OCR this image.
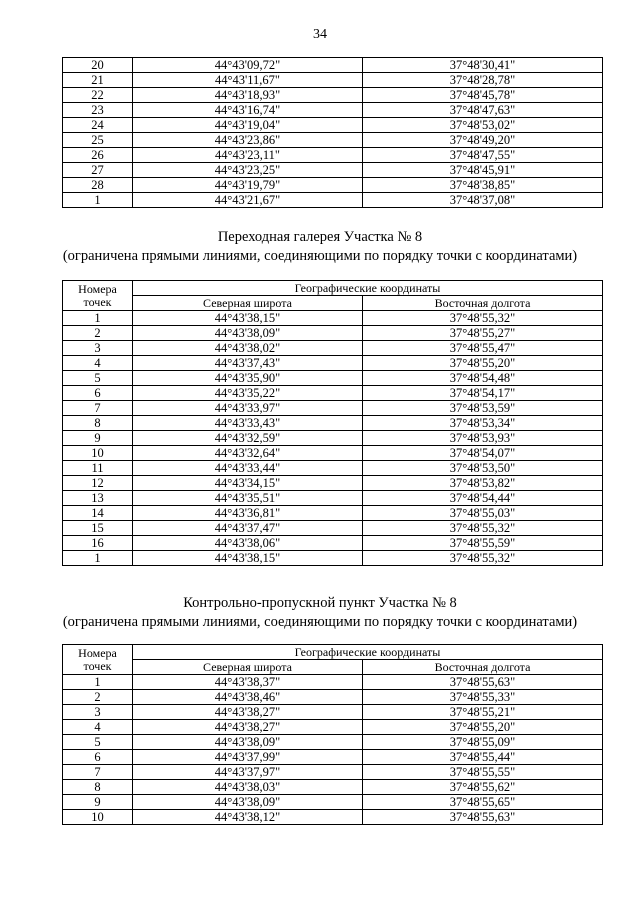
34
20	44°43'09,72"	37°48'30,41"
21	44°43'11,67"	37°48'28,78"
22	44°43'18,93"	37°48'45,78"
23	44°43'16,74"	37°48'47,63"
24	44°43'19,04"	37°48'53,02"
25	44°43'23,86"	37°48'49,20"
26	44°43'23,11"	37°48'47,55"
27	44°43'23,25"	37°48'45,91"
28	44°43'19,79"	37°48'38,85"
1	44°43'21,67"	37°48'37,08"
Переходная галерея Участка № 8
(ограничена прямыми линиями, соединяющими по порядку точки с координатами)
Номера
точек	Географические координаты	
	Северная широта	Восточная долгота
1	44°43'38,15"	37°48'55,32"
2	44°43'38,09"	37°48'55,27"
3	44°43'38,02"	37°48'55,47"
4	44°43'37,43"	37°48'55,20"
5	44°43'35,90"	37°48'54,48"
6	44°43'35,22"	37°48'54,17"
7	44°43'33,97"	37°48'53,59"
8	44°43'33,43"	37°48'53,34"
9	44°43'32,59"	37°48'53,93"
10	44°43'32,64"	37°48'54,07"
11	44°43'33,44"	37°48'53,50"
12	44°43'34,15"	37°48'53,82"
13	44°43'35,51"	37°48'54,44"
14	44°43'36,81"	37°48'55,03"
15	44°43'37,47"	37°48'55,32"
16	44°43'38,06"	37°48'55,59"
1	44°43'38,15"	37°48'55,32"
Контрольно-пропускной пункт Участка № 8
(ограничена прямыми линиями, соединяющими по порядку точки с координатами)
Номера
точек	Географические координаты	
	Северная широта	Восточная долгота
1	44°43'38,37"	37°48'55,63"
2	44°43'38,46"	37°48'55,33"
3	44°43'38,27"	37°48'55,21"
4	44°43'38,27"	37°48'55,20"
5	44°43'38,09"	37°48'55,09"
6	44°43'37,99"	37°48'55,44"
7	44°43'37,97"	37°48'55,55"
8	44°43'38,03"	37°48'55,62"
9	44°43'38,09"	37°48'55,65"
10	44°43'38,12"	37°48'55,63"
